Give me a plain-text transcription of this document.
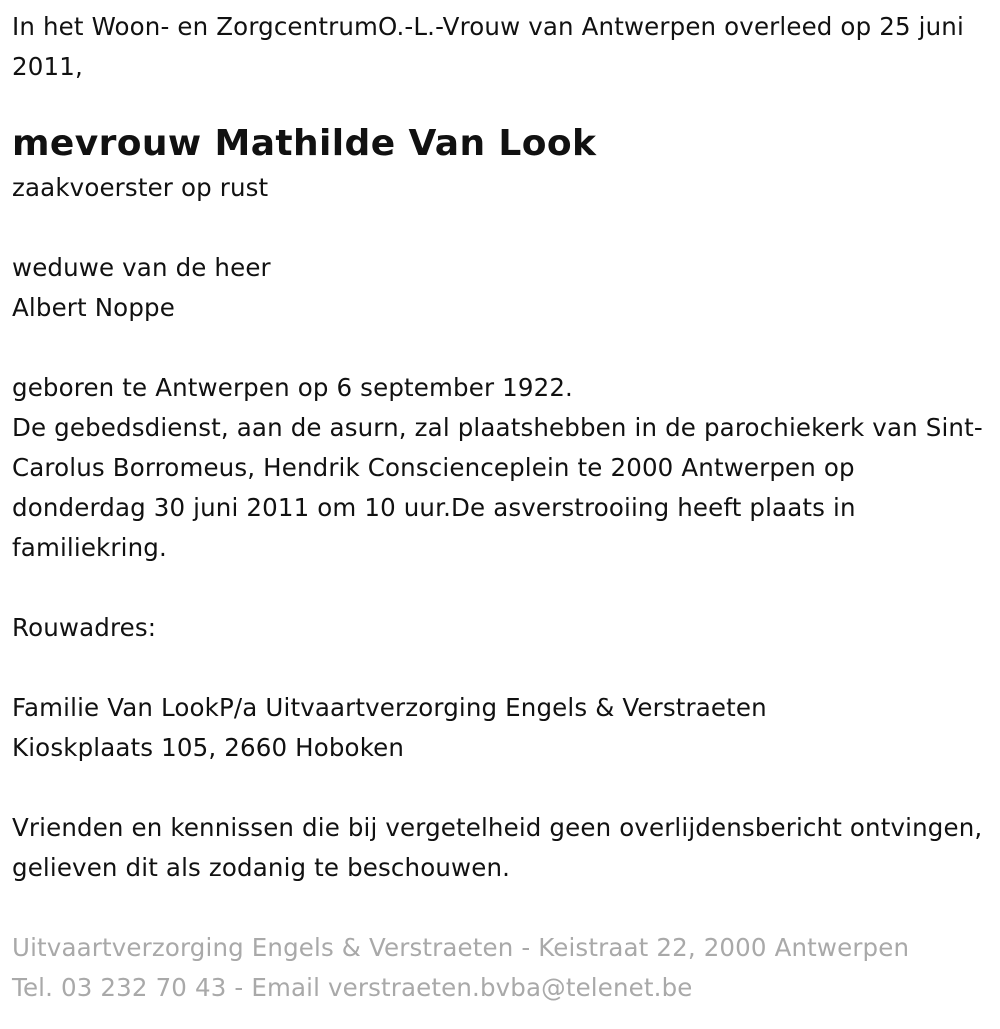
In het Woon- en ZorgcentrumO.-L.-Vrouw van Antwerpen overleed op 25 juni 2011,

mevrouw Mathilde Van Look

zaakvoerster op rust

weduwe van de heer

Albert Noppe

geboren te Antwerpen op 6 september 1922.

De gebedsdienst, aan de asurn, zal plaatshebben in de parochiekerk van Sint-Carolus Borromeus, Hendrik Conscienceplein te 2000 Antwerpen op donderdag 30 juni 2011 om 10 uur.De asverstrooiing heeft plaats in familiekring.

Rouwadres:

Familie Van LookP/a Uitvaartverzorging Engels & Verstraeten

Kioskplaats 105, 2660 Hoboken

Vrienden en kennissen die bij vergetelheid geen overlijdensbericht ontvingen, gelieven dit als zodanig te beschouwen.

Uitvaartverzorging Engels & Verstraeten - Keistraat 22, 2000 Antwerpen

Tel. 03 232 70 43 - Email verstraeten.bvba@telenet.be
